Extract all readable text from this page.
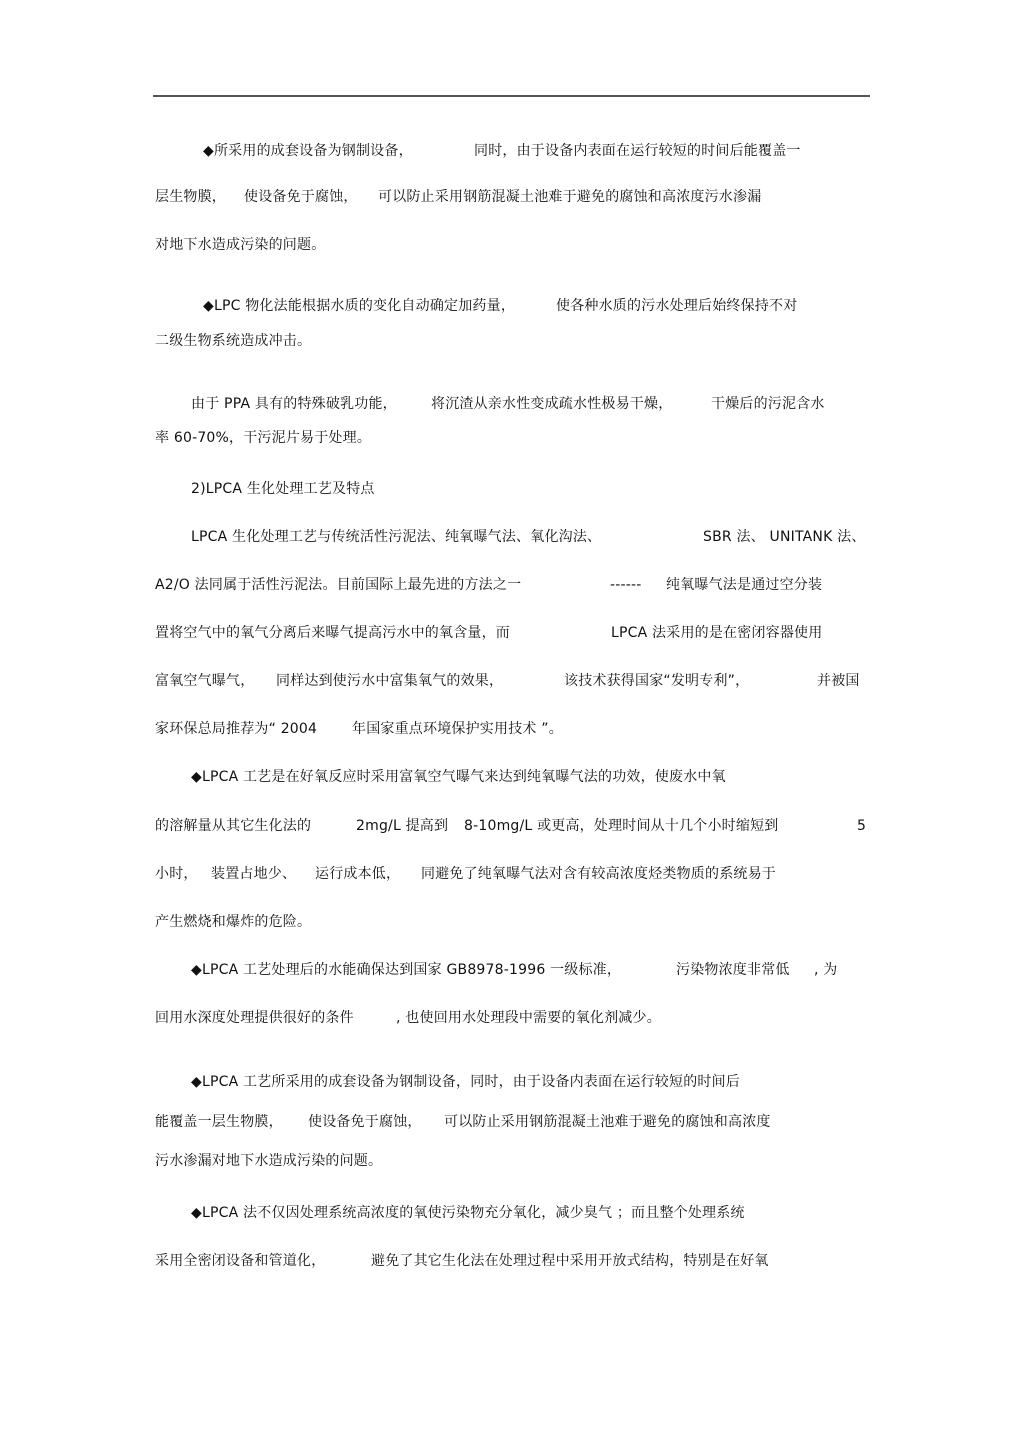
◆所采用的成套设备为钢制设备，	同时，由于设备内表面在运行较短的时间后能覆盖一
层生物膜， 使设备免于腐蚀， 可以防止采用钢筋混凝土池难于避免的腐蚀和高浓度污水渗漏
对地下水造成污染的问题。
◆LPC 物化法能根据水质的变化自动确定加药量，	使各种水质的污水处理后始终保持不对
二级生物系统造成冲击。
由于 PPA 具有的特殊破乳功能， 将沉渣从亲水性变成疏水性极易干燥，	干燥后的污泥含水
率 60-70%，干污泥片易于处理。
2)LPCA 生化处理工艺及特点
LPCA 生化处理工艺与传统活性污泥法、纯氧曝气法、氧化沟法、	SBR 法、 UNITANK 法、
A2/O 法同属于活性污泥法。目前国际上最先进的方法之一	------ 纯氧曝气法是通过空分装
置将空气中的氧气分离后来曝气提高污水中的氧含量，而	LPCA 法采用的是在密闭容器使用
富氧空气曝气， 同样达到使污水中富集氧气的效果，	该技术获得国家“发明专利”，	并被国
家环保总局推荐为“ 2004 年国家重点环境保护实用技术 ”。
◆LPCA 工艺是在好氧反应时采用富氧空气曝气来达到纯氧曝气法的功效，使废水中氧
的溶解量从其它生化法的	2mg/L 提高到 8-10mg/L 或更高，处理时间从十几个小时缩短到	5
小时， 装置占地少、 运行成本低， 同避免了纯氧曝气法对含有较高浓度烃类物质的系统易于
产生燃烧和爆炸的危险。
◆LPCA 工艺处理后的水能确保达到国家 GB8978-1996 一级标准，	污染物浓度非常低 , 为
回用水深度处理提供很好的条件	, 也使回用水处理段中需要的氧化剂减少。
◆LPCA 工艺所采用的成套设备为钢制设备，同时，由于设备内表面在运行较短的时间后
能覆盖一层生物膜， 使设备免于腐蚀， 可以防止采用钢筋混凝土池难于避免的腐蚀和高浓度
污水渗漏对地下水造成污染的问题。
◆LPCA 法不仅因处理系统高浓度的氧使污染物充分氧化，减少臭气 ；而且整个处理系统
采用全密闭设备和管道化，	避免了其它生化法在处理过程中采用开放式结构，特别是在好氧
